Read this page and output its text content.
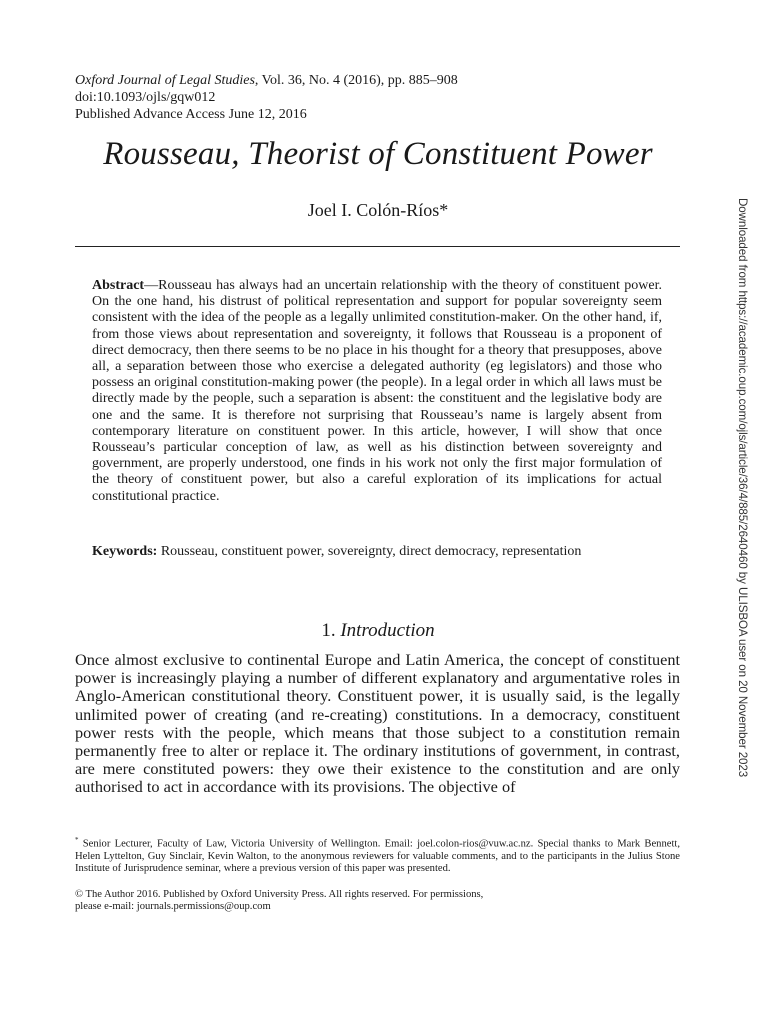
Oxford Journal of Legal Studies, Vol. 36, No. 4 (2016), pp. 885–908
doi:10.1093/ojls/gqw012
Published Advance Access June 12, 2016
Rousseau, Theorist of Constituent Power
Joel I. Colón-Ríos*
Abstract—Rousseau has always had an uncertain relationship with the theory of constituent power. On the one hand, his distrust of political representation and support for popular sovereignty seem consistent with the idea of the people as a legally unlimited constitution-maker. On the other hand, if, from those views about representation and sovereignty, it follows that Rousseau is a proponent of direct democracy, then there seems to be no place in his thought for a theory that presupposes, above all, a separation between those who exercise a delegated authority (eg legislators) and those who possess an original constitution-making power (the people). In a legal order in which all laws must be directly made by the people, such a separation is absent: the constituent and the legislative body are one and the same. It is therefore not surprising that Rousseau’s name is largely absent from contemporary literature on constituent power. In this article, however, I will show that once Rousseau’s particular conception of law, as well as his distinction between sovereignty and government, are properly understood, one finds in his work not only the first major formulation of the theory of constituent power, but also a careful exploration of its implications for actual constitutional practice.
Keywords: Rousseau, constituent power, sovereignty, direct democracy, representation
1. Introduction
Once almost exclusive to continental Europe and Latin America, the concept of constituent power is increasingly playing a number of different explanatory and argumentative roles in Anglo-American constitutional theory. Constituent power, it is usually said, is the legally unlimited power of creating (and re-creating) constitutions. In a democracy, constituent power rests with the people, which means that those subject to a constitution remain permanently free to alter or replace it. The ordinary institutions of government, in contrast, are mere constituted powers: they owe their existence to the constitution and are only authorised to act in accordance with its provisions. The objective of
* Senior Lecturer, Faculty of Law, Victoria University of Wellington. Email: joel.colon-rios@vuw.ac.nz. Special thanks to Mark Bennett, Helen Lyttelton, Guy Sinclair, Kevin Walton, to the anonymous reviewers for valuable comments, and to the participants in the Julius Stone Institute of Jurisprudence seminar, where a previous version of this paper was presented.
© The Author 2016. Published by Oxford University Press. All rights reserved. For permissions,
please e-mail: journals.permissions@oup.com
Downloaded from https://academic.oup.com/ojls/article/36/4/885/2640460 by ULISBOA user on 20 November 2023
